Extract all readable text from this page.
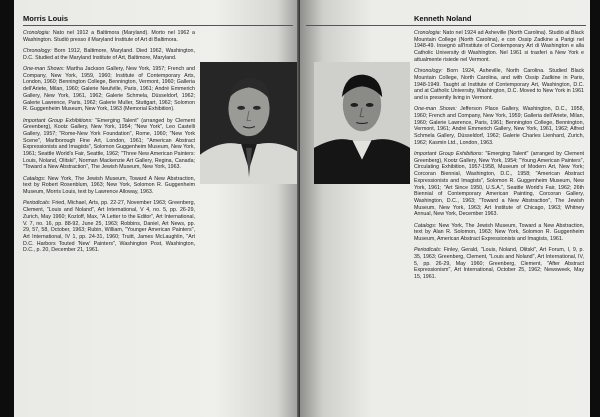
Morris Louis

Cronologia: Nato nel 1912 a Baltimora (Maryland). Morto nel 1962 a Washington. Studiò presso il Maryland Institute of Art di Baltimora.

Chronology: Born 1912, Baltimore, Maryland. Died 1962, Washington, D.C. Studied at the Maryland Institute of Art, Baltimore, Maryland.

One-man Shows: Martha Jackson Gallery, New York, 1957; French and Company, New York, 1959, 1960; Institute of Contemporary Arts, London, 1960; Bennington College, Bennington, Vermont, 1960; Galleria dell'Ariete, Milan, 1960; Galerie Neufville, Paris, 1961; André Emmerich Gallery, New York, 1961, 1962; Galerie Schmela, Düsseldorf, 1962; Galerie Lawrence, Paris, 1962; Galerie Muller, Stuttgart, 1962; Solomon R. Guggenheim Museum, New York, 1963 (Memorial Exhibition).

Important Group Exhibitions: "Emerging Talent" (arranged by Clement Greenberg), Kootz Gallery, New York, 1954; "New York", Leo Castelli Gallery, 1957; "Rome-New York Foundation", Rome, 1960; "New York Scene", Marlborough Fine Art, London, 1961; "American Abstract Expressionists and Imagists", Solomon Guggenheim Museum, New York, 1961; Seattle World's Fair, Seattle, 1962; "Three New American Painters: Louis, Noland, Olitski", Norman Mackenzie Art Gallery, Regina, Canada; "Toward a New Abstraction", The Jewish Museum, New York, 1963.

Catalogs: New York, The Jewish Museum, Toward A New Abstraction, text by Robert Rosenblum, 1963; New York, Solomon R. Guggenheim Museum, Morris Louis, text by Lawrence Alloway, 1963.

Periodicals: Fried, Michael, Arts, pp. 22-27, November 1963; Greenberg, Clement, "Louis and Noland", Art International, V 4, no. 5, pp. 26-29, Zurich, May 1960; Kozloff, Max, "A Letter to the Editor", Art International, V. 7, no. 16, pp. 88-92, June 25, 1963; Robbins, Daniel, Art News, pp. 29, 57, 58, October, 1963; Rubin, William, "Younger American Painters", Art International, IV 1, pp. 24-31, 1960; Truitt, James McLaughlin, "Art D.C. Harbors Touted 'New' Painters", Washington Post, Washington, D.C., p. 20, December 21, 1961.

Kenneth Noland

Cronologia: Nato nel 1924 ad Asheville (North Carolina). Studiò al Black Mountain College (North Carolina), e con Ossip Zadkine a Parigi nel 1948-49. Insegnò all'Institute of Contemporary Art di Washington e alla Catholic University di Washington. Nel 1961 si trasferì a New York e attualmente risiede nel Vermont.

Chronology: Born 1924, Asheville, North Carolina. Studied Black Mountain College, North Carolina, and with Ossip Zadkine in Paris, 1948-1949. Taught at Institute of Contemporary Art, Washington, D.C. and at Catholic University, Washington, D.C. Moved to New York in 1961 and is presently living in Vermont.

One-man Shows: Jefferson Place Gallery, Washington, D.C., 1958, 1960; French and Company, New York, 1959; Galleria dell'Ariete, Milan, 1960; Galerie Lawrence, Paris, 1961; Bennington College, Bennington, Vermont, 1961; André Emmerich Gallery, New York, 1961, 1962; Alfred Schmela Gallery, Düsseldorf, 1962; Galerie Charles Lienhard, Zurich, 1962; Kasmin Ltd., London, 1963.

Important Group Exhibitions: "Emerging Talent" (arranged by Clement Greenberg), Kootz Gallery, New York, 1954; "Young American Painters", Circulating Exhibition, 1957-1958, Museum of Modern Art, New York; Corcoran Biennial, Washington, D.C., 1958; "American Abstract Expressionists and Imagists", Solomon R. Guggenheim Museum, New York, 1961; "Art Since 1950, U.S.A.", Seattle World's Fair, 1962; 26th Biennial of Contemporary American Painting, Corcoran Gallery, Washington, D.C., 1963; "Toward a New Abstraction", The Jewish Museum, New York, 1963; Art Institute of Chicago, 1963; Whitney Annual, New York, December 1963.

Catalogs: New York, The Jewish Museum, Toward a New Abstraction, text by Alan R. Solomon, 1963; New York, Solomon R. Guggenheim Museum, American Abstract Expressionists and Imagists, 1961.

Periodicals: Finley, Gerald, "Louis, Noland, Olitski", Art Forum, I, 9, p. 35, 1963; Greenberg, Clement, "Louis and Noland", Art International, IV, 5, pp. 26-29, May 1960; Greenberg, Clement, "After Abstract Expressionism", Art International, October 25, 1962; Newsweek, May 15, 1961.
